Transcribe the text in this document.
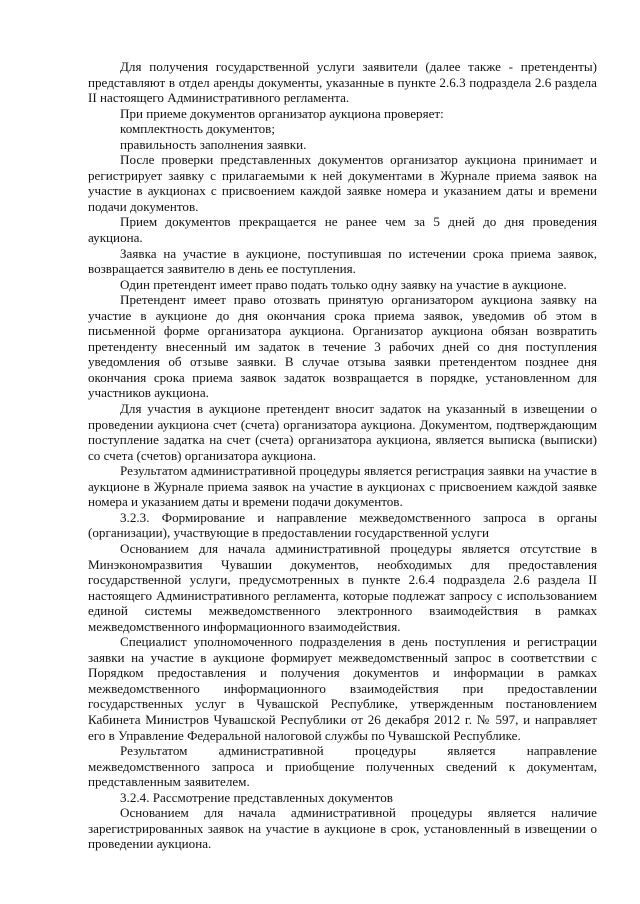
Для получения государственной услуги заявители (далее также - претенденты) представляют в отдел аренды документы, указанные в пункте 2.6.3 подраздела 2.6 раздела II настоящего Административного регламента.

При приеме документов организатор аукциона проверяет:

комплектность документов;

правильность заполнения заявки.

После проверки представленных документов организатор аукциона принимает и регистрирует заявку с прилагаемыми к ней документами в Журнале приема заявок на участие в аукционах с присвоением каждой заявке номера и указанием даты и времени подачи документов.

Прием документов прекращается не ранее чем за 5 дней до дня проведения аукциона.

Заявка на участие в аукционе, поступившая по истечении срока приема заявок, возвращается заявителю в день ее поступления.

Один претендент имеет право подать только одну заявку на участие в аукционе.

Претендент имеет право отозвать принятую организатором аукциона заявку на участие в аукционе до дня окончания срока приема заявок, уведомив об этом в письменной форме организатора аукциона. Организатор аукциона обязан возвратить претенденту внесенный им задаток в течение 3 рабочих дней со дня поступления уведомления об отзыве заявки. В случае отзыва заявки претендентом позднее дня окончания срока приема заявок задаток возвращается в порядке, установленном для участников аукциона.

Для участия в аукционе претендент вносит задаток на указанный в извещении о проведении аукциона счет (счета) организатора аукциона. Документом, подтверждающим поступление задатка на счет (счета) организатора аукциона, является выписка (выписки) со счета (счетов) организатора аукциона.

Результатом административной процедуры является регистрация заявки на участие в аукционе в Журнале приема заявок на участие в аукционах с присвоением каждой заявке номера и указанием даты и времени подачи документов.

3.2.3. Формирование и направление межведомственного запроса в органы (организации), участвующие в предоставлении государственной услуги

Основанием для начала административной процедуры является отсутствие в Минэкономразвития Чувашии документов, необходимых для предоставления государственной услуги, предусмотренных в пункте 2.6.4 подраздела 2.6 раздела II настоящего Административного регламента, которые подлежат запросу с использованием единой системы межведомственного электронного взаимодействия в рамках межведомственного информационного взаимодействия.

Специалист уполномоченного подразделения в день поступления и регистрации заявки на участие в аукционе формирует межведомственный запрос в соответствии с Порядком предоставления и получения документов и информации в рамках межведомственного информационного взаимодействия при предоставлении государственных услуг в Чувашской Республике, утвержденным постановлением Кабинета Министров Чувашской Республики от 26 декабря 2012 г. № 597, и направляет его в Управление Федеральной налоговой службы по Чувашской Республике.

Результатом административной процедуры является направление межведомственного запроса и приобщение полученных сведений к документам, представленным заявителем.

3.2.4. Рассмотрение представленных документов

Основанием для начала административной процедуры является наличие зарегистрированных заявок на участие в аукционе в срок, установленный в извещении о проведении аукциона.
